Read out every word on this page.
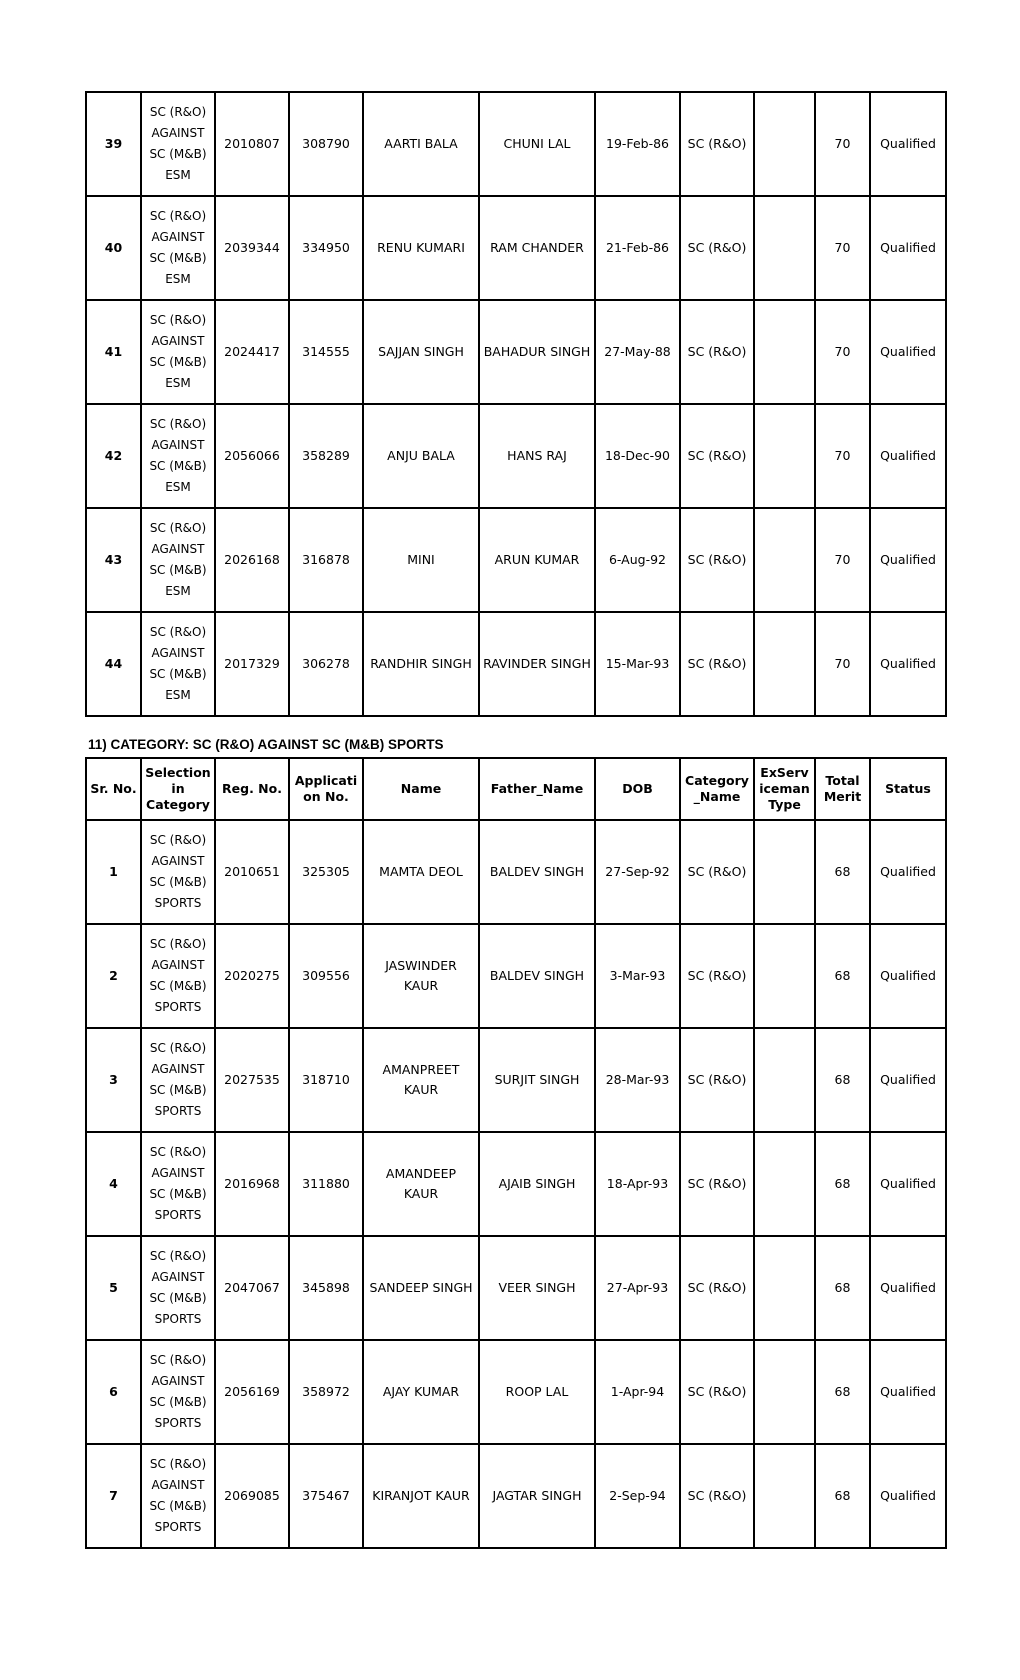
39	SC (R&O)
AGAINST
SC (M&B)
ESM	2010807	308790	AARTI BALA	CHUNI LAL	19-Feb-86	SC (R&O)		70	Qualified
40	SC (R&O)
AGAINST
SC (M&B)
ESM	2039344	334950	RENU KUMARI	RAM CHANDER	21-Feb-86	SC (R&O)		70	Qualified
41	SC (R&O)
AGAINST
SC (M&B)
ESM	2024417	314555	SAJJAN SINGH	BAHADUR SINGH	27-May-88	SC (R&O)		70	Qualified
42	SC (R&O)
AGAINST
SC (M&B)
ESM	2056066	358289	ANJU BALA	HANS RAJ	18-Dec-90	SC (R&O)		70	Qualified
43	SC (R&O)
AGAINST
SC (M&B)
ESM	2026168	316878	MINI	ARUN KUMAR	6-Aug-92	SC (R&O)		70	Qualified
44	SC (R&O)
AGAINST
SC (M&B)
ESM	2017329	306278	RANDHIR SINGH	RAVINDER SINGH	15-Mar-93	SC (R&O)		70	Qualified
11) CATEGORY: SC (R&O) AGAINST SC (M&B) SPORTS
Sr. No.	Selection in Category	Reg. No.	Applicati on No.	Name	Father_Name	DOB	Category _Name	ExServ iceman Type	Total Merit	Status
1	SC (R&O)
AGAINST
SC (M&B)
SPORTS	2010651	325305	MAMTA DEOL	BALDEV SINGH	27-Sep-92	SC (R&O)		68	Qualified
2	SC (R&O)
AGAINST
SC (M&B)
SPORTS	2020275	309556	JASWINDER KAUR	BALDEV SINGH	3-Mar-93	SC (R&O)		68	Qualified
3	SC (R&O)
AGAINST
SC (M&B)
SPORTS	2027535	318710	AMANPREET KAUR	SURJIT SINGH	28-Mar-93	SC (R&O)		68	Qualified
4	SC (R&O)
AGAINST
SC (M&B)
SPORTS	2016968	311880	AMANDEEP KAUR	AJAIB SINGH	18-Apr-93	SC (R&O)		68	Qualified
5	SC (R&O)
AGAINST
SC (M&B)
SPORTS	2047067	345898	SANDEEP SINGH	VEER SINGH	27-Apr-93	SC (R&O)		68	Qualified
6	SC (R&O)
AGAINST
SC (M&B)
SPORTS	2056169	358972	AJAY KUMAR	ROOP LAL	1-Apr-94	SC (R&O)		68	Qualified
7	SC (R&O)
AGAINST
SC (M&B)
SPORTS	2069085	375467	KIRANJOT KAUR	JAGTAR SINGH	2-Sep-94	SC (R&O)		68	Qualified
